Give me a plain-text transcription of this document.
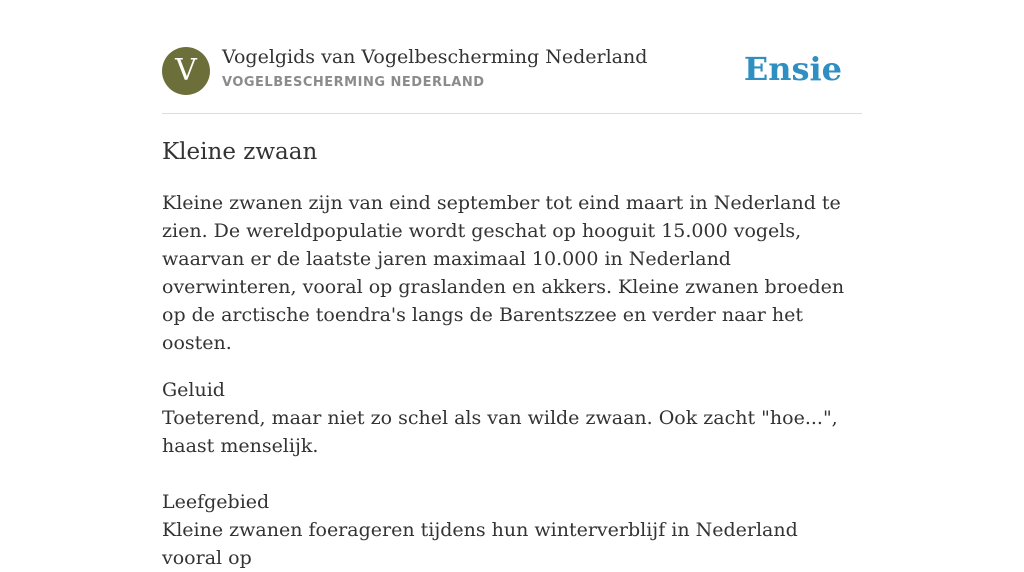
V	Vogelgids van Vogelbescherming Nederland
VOGELBESCHERMING NEDERLAND	Ensie
Kleine zwaan

Kleine zwanen zijn van eind september tot eind maart in Nederland te zien. De wereldpopulatie wordt geschat op hooguit 15.000 vogels, waarvan er de laatste jaren maximaal 10.000 in Nederland overwinteren, vooral op graslanden en akkers. Kleine zwanen broeden op de arctische toendra's langs de Barentszzee en verder naar het oosten.

Geluid
Toeterend, maar niet zo schel als van wilde zwaan. Ook zacht "hoe...", haast menselijk.
Leefgebied
Kleine zwanen foerageren tijdens hun winterverblijf in Nederland vooral op
